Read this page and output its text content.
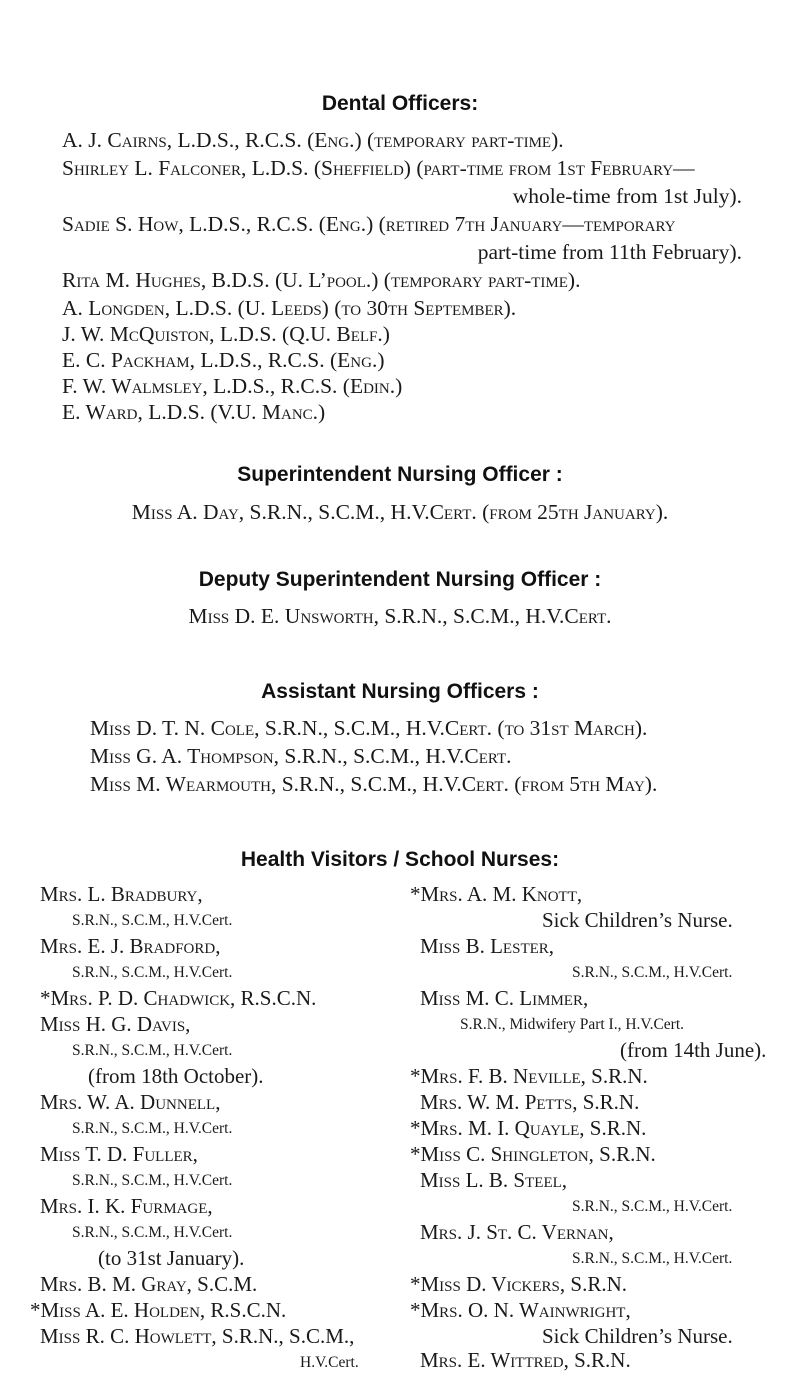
Dental Officers:
A. J. Cairns, L.D.S., R.C.S. (Eng.) (temporary part-time).
Shirley L. Falconer, L.D.S. (Sheffield) (part-time from 1st February—
whole-time from 1st July).
Sadie S. How, L.D.S., R.C.S. (Eng.) (retired 7th January—temporary
part-time from 11th February).
Rita M. Hughes, B.D.S. (U. L’pool.) (temporary part-time).
A. Longden, L.D.S. (U. Leeds) (to 30th September).
J. W. McQuiston, L.D.S. (Q.U. Belf.)
E. C. Packham, L.D.S., R.C.S. (Eng.)
F. W. Walmsley, L.D.S., R.C.S. (Edin.)
E. Ward, L.D.S. (V.U. Manc.)
Superintendent Nursing Officer :
Miss A. Day, S.R.N., S.C.M., H.V.Cert. (from 25th January).
Deputy Superintendent Nursing Officer :
Miss D. E. Unsworth, S.R.N., S.C.M., H.V.Cert.
Assistant Nursing Officers :
Miss D. T. N. Cole, S.R.N., S.C.M., H.V.Cert. (to 31st March).
Miss G. A. Thompson, S.R.N., S.C.M., H.V.Cert.
Miss M. Wearmouth, S.R.N., S.C.M., H.V.Cert. (from 5th May).
Health Visitors / School Nurses:
Mrs. L. Bradbury,
S.R.N., S.C.M., H.V.Cert.
Mrs. E. J. Bradford,
S.R.N., S.C.M., H.V.Cert.
*Mrs. P. D. Chadwick, R.S.C.N.
Miss H. G. Davis,
S.R.N., S.C.M., H.V.Cert.
(from 18th October).
Mrs. W. A. Dunnell,
S.R.N., S.C.M., H.V.Cert.
Miss T. D. Fuller,
S.R.N., S.C.M., H.V.Cert.
Mrs. I. K. Furmage,
S.R.N., S.C.M., H.V.Cert.
(to 31st January).
Mrs. B. M. Gray, S.C.M.
*Miss A. E. Holden, R.S.C.N.
Miss R. C. Howlett, S.R.N., S.C.M.,
H.V.Cert.
*Mrs. A. M. Knott,
Sick Children’s Nurse.
Miss B. Lester,
S.R.N., S.C.M., H.V.Cert.
Miss M. C. Limmer,
S.R.N., Midwifery Part I., H.V.Cert.
(from 14th June).
*Mrs. F. B. Neville, S.R.N.
Mrs. W. M. Petts, S.R.N.
*Mrs. M. I. Quayle, S.R.N.
*Miss C. Shingleton, S.R.N.
Miss L. B. Steel,
S.R.N., S.C.M., H.V.Cert.
Mrs. J. St. C. Vernan,
S.R.N., S.C.M., H.V.Cert.
*Miss D. Vickers, S.R.N.
*Mrs. O. N. Wainwright,
Sick Children’s Nurse.
Mrs. E. Wittred, S.R.N.
